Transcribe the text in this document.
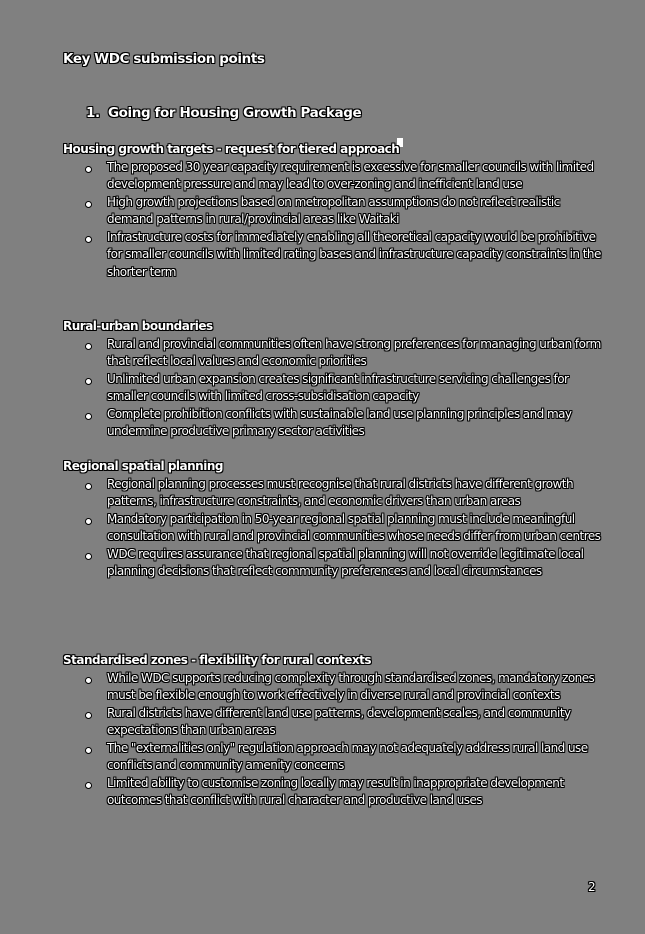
Key WDC submission points
1. Going for Housing Growth Package
Housing growth targets - request for tiered approach
The proposed 30 year capacity requirement is excessive for smaller councils with limited development pressure and may lead to over-zoning and inefficient land use
High growth projections based on metropolitan assumptions do not reflect realistic demand patterns in rural/provincial areas like Waitaki
Infrastructure costs for immediately enabling all theoretical capacity would be prohibitive for smaller councils with limited rating bases and infrastructure capacity constraints in the shorter term
Rural-urban boundaries
Rural and provincial communities often have strong preferences for managing urban form that reflect local values and economic priorities
Unlimited urban expansion creates significant infrastructure servicing challenges for smaller councils with limited cross-subsidisation capacity
Complete prohibition conflicts with sustainable land use planning principles and may undermine productive primary sector activities
Regional spatial planning
Regional planning processes must recognise that rural districts have different growth patterns, infrastructure constraints, and economic drivers than urban areas
Mandatory participation in 50-year regional spatial planning must include meaningful consultation with rural and provincial communities whose needs differ from urban centres
WDC requires assurance that regional spatial planning will not override legitimate local planning decisions that reflect community preferences and local circumstances
Standardised zones - flexibility for rural contexts
While WDC supports reducing complexity through standardised zones, mandatory zones must be flexible enough to work effectively in diverse rural and provincial contexts
Rural districts have different land use patterns, development scales, and community expectations than urban areas
The "externalities only" regulation approach may not adequately address rural land use conflicts and community amenity concerns
Limited ability to customise zoning locally may result in inappropriate development outcomes that conflict with rural character and productive land uses
2
